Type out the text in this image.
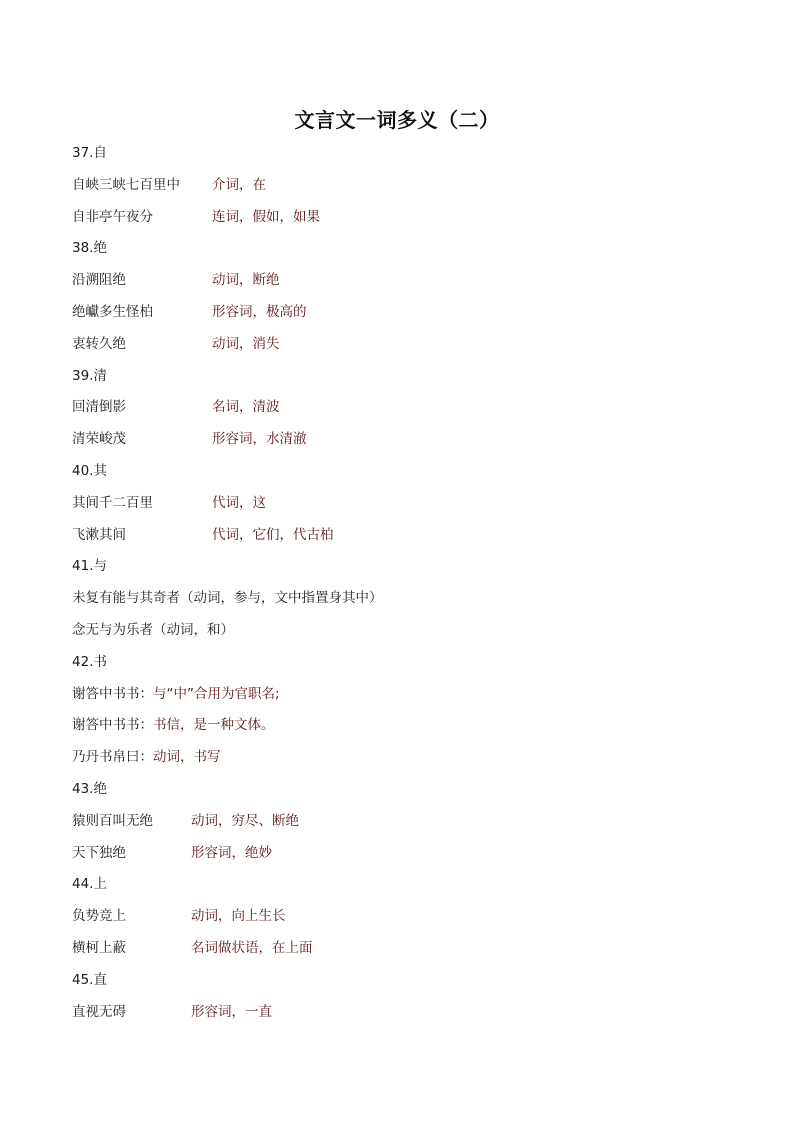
文言文一词多义（二）
37.自
自峡三峡七百里中 介词，在
自非亭午夜分	连词，假如，如果
38.绝
沿溯阻绝	动词，断绝
绝巘多生怪柏	形容词，极高的
衷转久绝	动词，消失
39.清
回清倒影	名词，清波
清荣峻茂	形容词，水清澈
40.其
其间千二百里	代词，这
飞漱其间	代词，它们，代古柏
41.与
未复有能与其奇者（动词，参与，文中指置身其中）
念无与为乐者（动词，和）
42.书
谢答中书书：与“中”合用为官职名;
谢答中书书：书信，是一种文体。
乃丹书帛曰：动词，书写
43.绝
猿则百叫无绝	动词，穷尽、断绝
天下独绝	形容词，绝妙
44.上
负势竞上	动词，向上生长
横柯上蔽	名词做状语，在上面
45.直
直视无碍	形容词，一直
